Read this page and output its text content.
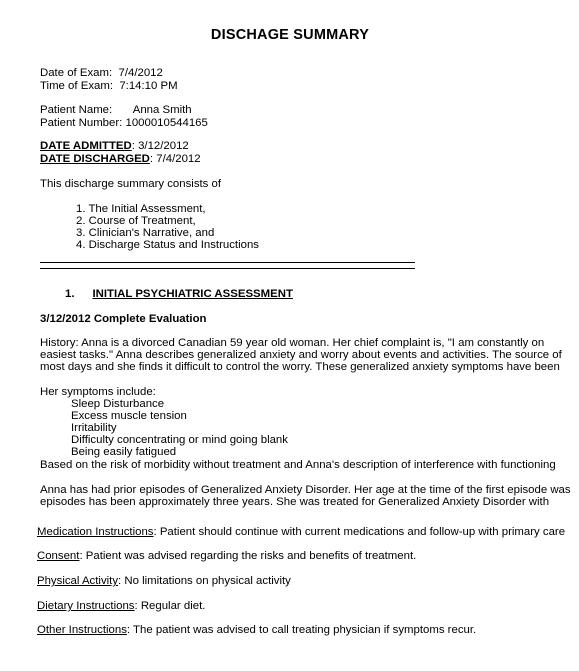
DISCHAGE SUMMARY
Date of Exam: 7/4/2012
Time of Exam: 7:14:10 PM
Patient Name: Anna Smith
Patient Number: 1000010544165
DATE ADMITTED: 3/12/2012
DATE DISCHARGED: 7/4/2012
This discharge summary consists of
1. The Initial Assessment,
2. Course of Treatment,
3. Clinician's Narrative, and
4. Discharge Status and Instructions
1. INITIAL PSYCHIATRIC ASSESSMENT
3/12/2012 Complete Evaluation
History: Anna is a divorced Canadian 59 year old woman. Her chief complaint is, "I am constantly on
easiest tasks." Anna describes generalized anxiety and worry about events and activities. The source of
most days and she finds it difficult to control the worry. These generalized anxiety symptoms have been
Her symptoms include:
Sleep Disturbance
Excess muscle tension
Irritability
Difficulty concentrating or mind going blank
Being easily fatigued
Based on the risk of morbidity without treatment and Anna's description of interference with functioning
Anna has had prior episodes of Generalized Anxiety Disorder. Her age at the time of the first episode was
episodes has been approximately three years. She was treated for Generalized Anxiety Disorder with
Medication Instructions: Patient should continue with current medications and follow-up with primary care
Consent: Patient was advised regarding the risks and benefits of treatment.
Physical Activity: No limitations on physical activity
Dietary Instructions: Regular diet.
Other Instructions: The patient was advised to call treating physician if symptoms recur.
